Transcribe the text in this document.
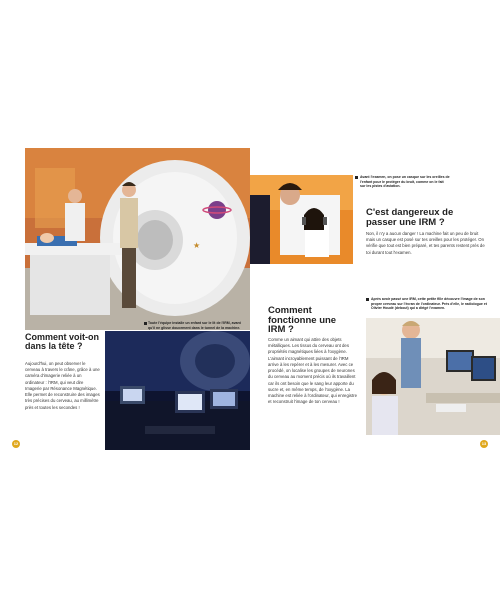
★
Comment voit-on dans la tête ?
Aujourd'hui, on peut observer le cerveau à travers le crâne, grâce à une caméra d'imagerie reliée à un ordinateur : l'IRM, qui veut dire Imagerie par Résonance Magnétique. Elle permet de reconstruire des images très précises du cerveau, au millimètre près et toutes les secondes !
Toute l'équipe installe un enfant sur le lit de l'IRM, avant qu'il ne glisse doucement dans le tunnel de la machine.
12
Avant l'examen, on pose un casque sur les oreilles de l'enfant pour le protéger du bruit, comme on le fait sur les pistes d'aviation.
C'est dangereux de passer une IRM ?
Non, il n'y a aucun danger ! La machine fait un peu de bruit mais un casque est posé sur tes oreilles pour les protéger. On vérifie que tout est bien préparé, et tes parents restent près de toi durant tout l'examen.
Comment fonctionne une IRM ?
Comme un aimant qui attire des objets métalliques. Les tissus du cerveau ont des propriétés magnétiques liées à l'oxygène. L'aimant incroyablement puissant de l'IRM arrive à les repérer et à les mesurer. Avec ce procédé, on localise les groupes de neurones du cerveau au moment précis où ils travaillent car ils ont besoin que le sang leur apporte du sucre et, en même temps, de l'oxygène. La machine est reliée à l'ordinateur, qui enregistre et reconstruit l'image de ton cerveau !
Après avoir passé une IRM, cette petite fille découvre l'image de son propre cerveau sur l'écran de l'ordinateur. Près d'elle, le radiologue et Olivier Houdé (debout) qui a dirigé l'examen.
13
